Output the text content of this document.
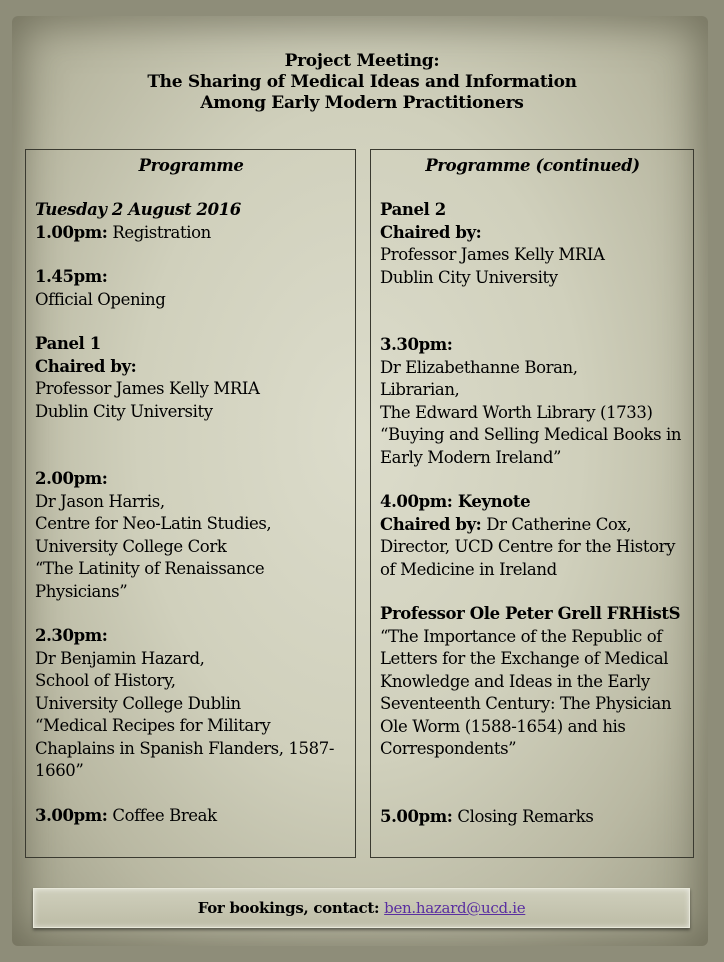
Project Meeting:
The Sharing of Medical Ideas and Information
Among Early Modern Practitioners
Programme

Tuesday 2 August 2016

1.00pm: Registration

1.45pm:

Official Opening

Panel 1

Chaired by:

Professor James Kelly MRIA

Dublin City University

2.00pm:

Dr Jason Harris,

Centre for Neo-Latin Studies,

University College Cork

“The Latinity of Renaissance

Physicians”

2.30pm:

Dr Benjamin Hazard,

School of History,

University College Dublin

“Medical Recipes for Military

Chaplains in Spanish Flanders, 1587-

1660”

3.00pm: Coffee Break

Programme (continued)

Panel 2

Chaired by:

Professor James Kelly MRIA

Dublin City University

3.30pm:

Dr Elizabethanne Boran,

Librarian,

The Edward Worth Library (1733)

“Buying and Selling Medical Books in

Early Modern Ireland”

4.00pm: Keynote

Chaired by: Dr Catherine Cox,

Director, UCD Centre for the History

of Medicine in Ireland

Professor Ole Peter Grell FRHistS

“The Importance of the Republic of

Letters for the Exchange of Medical

Knowledge and Ideas in the Early

Seventeenth Century: The Physician

Ole Worm (1588-1654) and his

Correspondents”

5.00pm: Closing Remarks

For bookings, contact: ben.hazard@ucd.ie
